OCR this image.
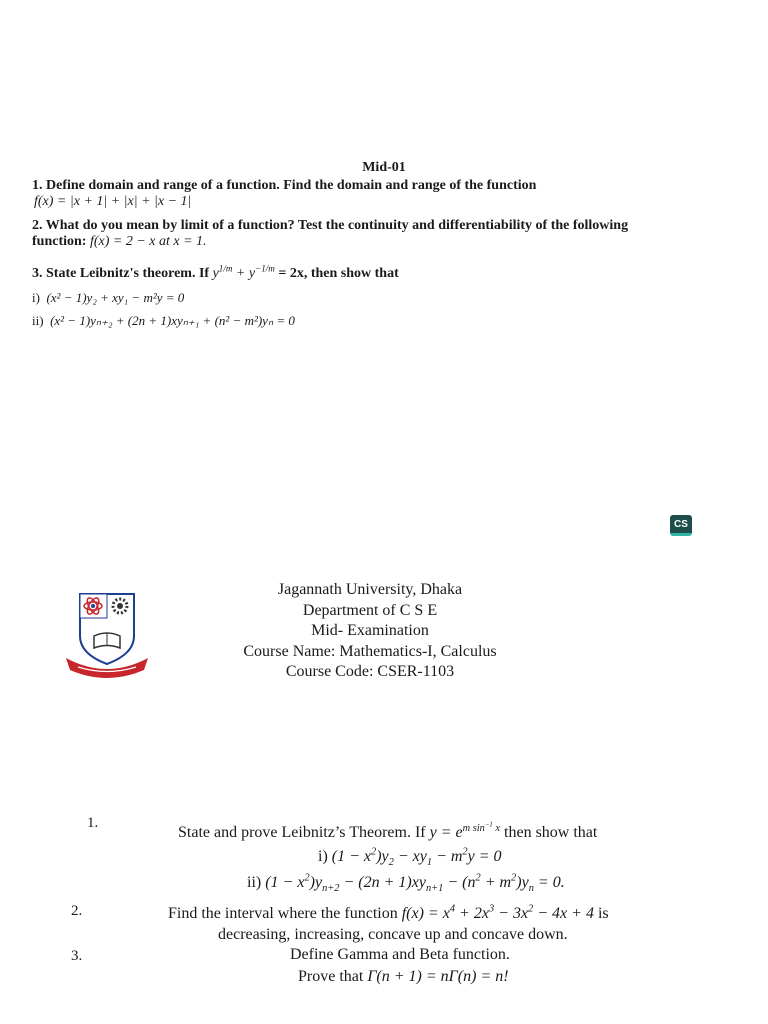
Mid-01
1. Define domain and range of a function. Find the domain and range of the function
f(x) = |x + 1| + |x| + |x − 1|
2. What do you mean by limit of a function? Test the continuity and differentiability of the following
function: f(x) = 2 − x at x = 1.
3. State Leibnitz's theorem. If $y^{1/m} + y^{-1/m} = 2x$, then show that
i) (x² − 1)y₂ + xy₁ − m²y = 0
ii) (x² − 1)yₙ₊₂ + (2n + 1)xyₙ₊₁ + (n² − m²)yₙ = 0
CS
Jagannath University, Dhaka
Department of C S E
Mid- Examination
Course Name: Mathematics-I, Calculus
Course Code: CSER-1103
1.
2.
3.
State and prove Leibnitz’s Theorem. If $y = e^{m sin^{-1} x}$ then show that
i) $(1 - x^2)y_2 - xy_1 - m^2y = 0$
ii) $(1 - x^2)y_{n+2} - (2n + 1)xy_{n+1} - (n^2 + m^2)y_n = 0$.
Find the interval where the function $f(x) = x^4 + 2x^3 - 3x^2 - 4x + 4$ is
decreasing, increasing, concave up and concave down.
Define Gamma and Beta function.
Prove that Γ(n + 1) = nΓ(n) = n!
